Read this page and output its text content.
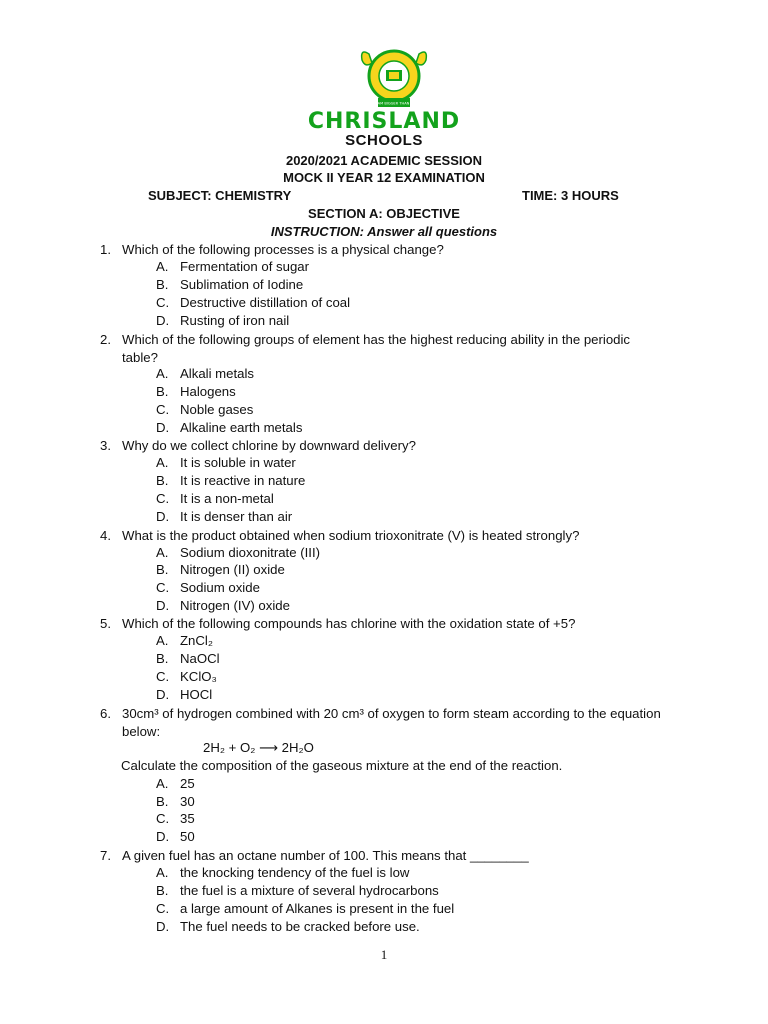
DREAM BIGGER THAN LIFE
CHRISLAND
SCHOOLS
2020/2021 ACADEMIC SESSION
MOCK II YEAR 12 EXAMINATION
SUBJECT: CHEMISTRY	TIME: 3 HOURS
SECTION A: OBJECTIVE
INSTRUCTION: Answer all questions
1. Which of the following processes is a physical change?
A. Fermentation of sugar
B. Sublimation of Iodine
C. Destructive distillation of coal
D. Rusting of iron nail
2. Which of the following groups of element has the highest reducing ability in the periodic table?
A. Alkali metals
B. Halogens
C. Noble gases
D. Alkaline earth metals
3. Why do we collect chlorine by downward delivery?
A. It is soluble in water
B. It is reactive in nature
C. It is a non-metal
D. It is denser than air
4. What is the product obtained when sodium trioxonitrate (V) is heated strongly?
A. Sodium dioxonitrate (III)
B. Nitrogen (II) oxide
C. Sodium oxide
D. Nitrogen (IV) oxide
5. Which of the following compounds has chlorine with the oxidation state of +5?
A. ZnCl₂
B. NaOCl
C. KClO₃
D. HOCl
6. 30cm³ of hydrogen combined with 20 cm³ of oxygen to form steam according to the equation below:
2H₂ + O₂ ⟶ 2H₂O
Calculate the composition of the gaseous mixture at the end of the reaction.
A. 25
B. 30
C. 35
D. 50
7. A given fuel has an octane number of 100. This means that ________
A. the knocking tendency of the fuel is low
B. the fuel is a mixture of several hydrocarbons
C. a large amount of Alkanes is present in the fuel
D. The fuel needs to be cracked before use.
1
